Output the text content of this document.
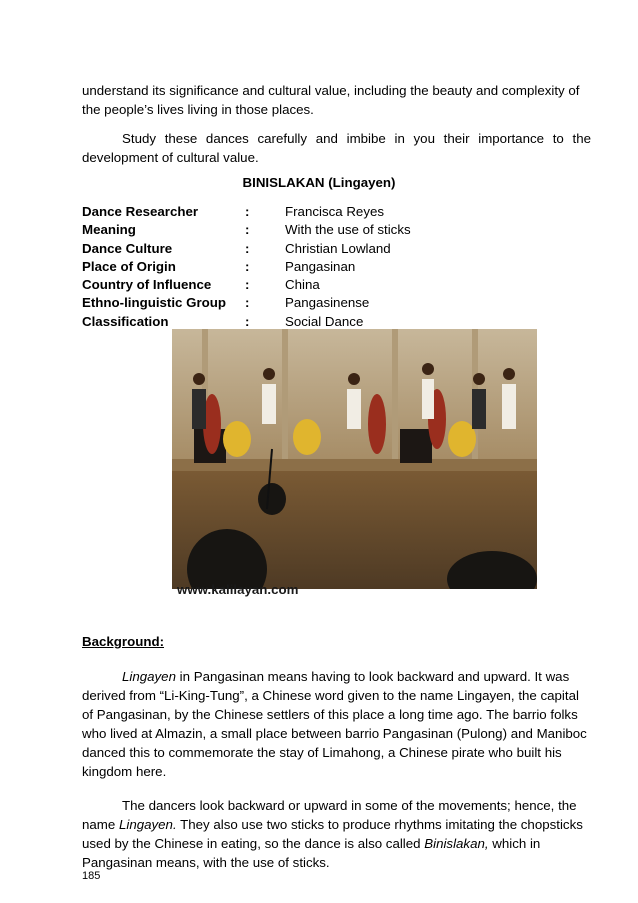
understand its significance and cultural value, including the beauty and complexity of

the people’s lives living in those places.

Study these dances carefully and imbibe in you their importance to the development of cultural value.

BINISLAKAN (Lingayen)
Dance Researcher	:	Francisca Reyes
Meaning	:	With the use of sticks
Dance Culture	:	Christian Lowland
Place of Origin	:	Pangasinan
Country of Influence	:	China
Ethno-linguistic Group	:	Pangasinense
Classification	:	Social Dance
www.kalilayan.com
Background:

Lingayen in Pangasinan means having to look backward and upward. It was derived from “Li-King-Tung”, a Chinese word given to the name Lingayen, the capital of Pangasinan, by the Chinese settlers of this place a long time ago. The barrio folks who lived at Almazin, a small place between barrio Pangasinan (Pulong) and Maniboc danced this to commemorate the stay of Limahong, a Chinese pirate who built his kingdom here.

The dancers look backward or upward in some of the movements; hence, the name Lingayen. They also use two sticks to produce rhythms imitating the chopsticks used by the Chinese in eating, so the dance is also called Binislakan, which in Pangasinan means, with the use of sticks.

185
